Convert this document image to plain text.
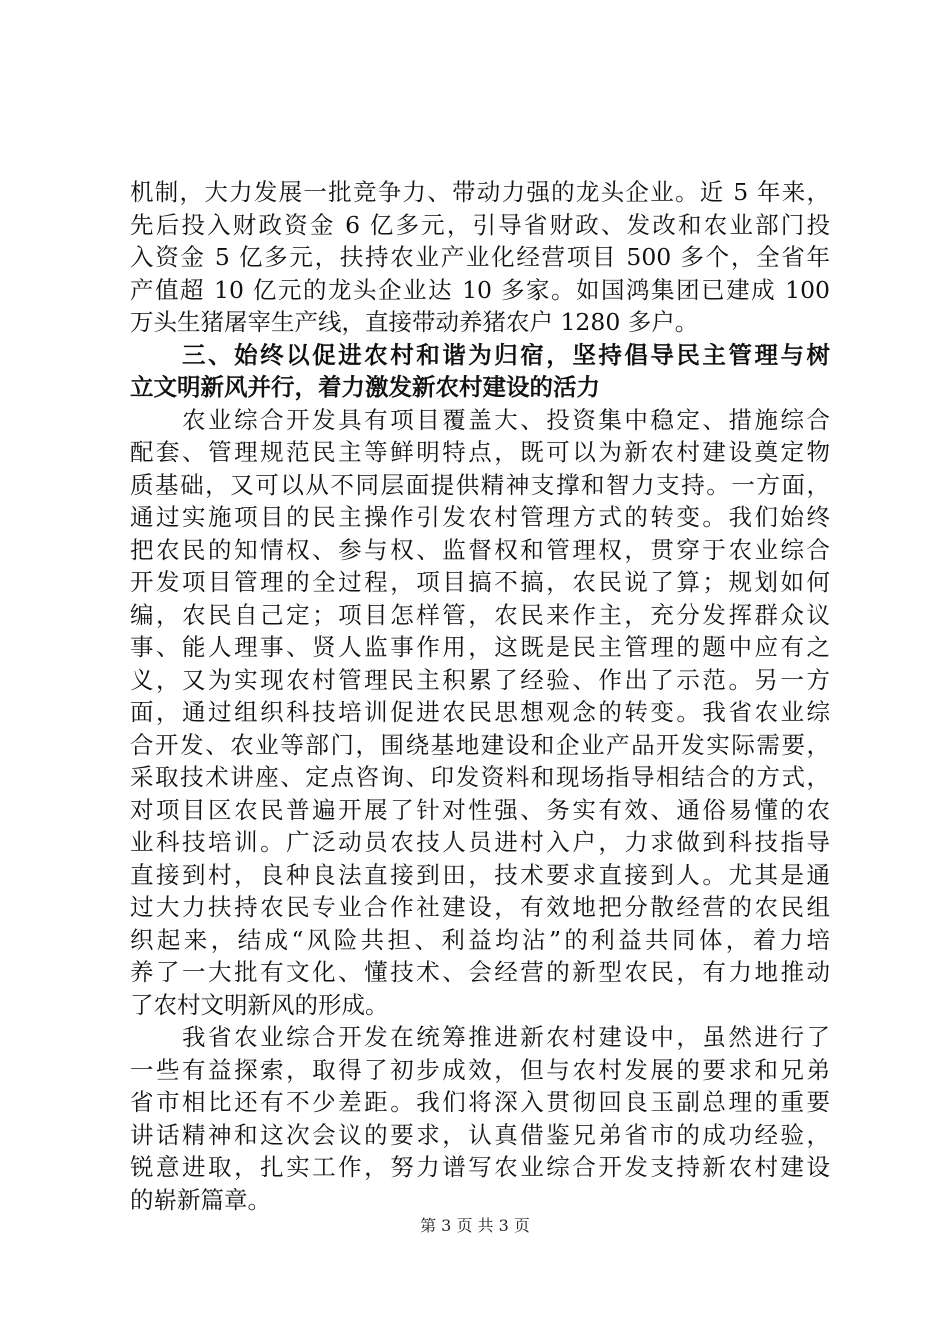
机制，大力发展一批竞争力、带动力强的龙头企业。近 5 年来，
先后投入财政资金 6 亿多元，引导省财政、发改和农业部门投
入资金 5 亿多元，扶持农业产业化经营项目 500 多个，全省年
产值超 10 亿元的龙头企业达 10 多家。如国鸿集团已建成 100
万头生猪屠宰生产线，直接带动养猪农户 1280 多户。
　　三、始终以促进农村和谐为归宿，坚持倡导民主管理与树
立文明新风并行，着力激发新农村建设的活力
　　农业综合开发具有项目覆盖大、投资集中稳定、措施综合
配套、管理规范民主等鲜明特点，既可以为新农村建设奠定物
质基础，又可以从不同层面提供精神支撑和智力支持。一方面，
通过实施项目的民主操作引发农村管理方式的转变。我们始终
把农民的知情权、参与权、监督权和管理权，贯穿于农业综合
开发项目管理的全过程，项目搞不搞，农民说了算；规划如何
编，农民自己定；项目怎样管，农民来作主，充分发挥群众议
事、能人理事、贤人监事作用，这既是民主管理的题中应有之
义，又为实现农村管理民主积累了经验、作出了示范。另一方
面，通过组织科技培训促进农民思想观念的转变。我省农业综
合开发、农业等部门，围绕基地建设和企业产品开发实际需要，
采取技术讲座、定点咨询、印发资料和现场指导相结合的方式，
对项目区农民普遍开展了针对性强、务实有效、通俗易懂的农
业科技培训。广泛动员农技人员进村入户，力求做到科技指导
直接到村，良种良法直接到田，技术要求直接到人。尤其是通
过大力扶持农民专业合作社建设，有效地把分散经营的农民组
织起来，结成“风险共担、利益均沾”的利益共同体，着力培
养了一大批有文化、懂技术、会经营的新型农民，有力地推动
了农村文明新风的形成。
　　我省农业综合开发在统筹推进新农村建设中，虽然进行了
一些有益探索，取得了初步成效，但与农村发展的要求和兄弟
省市相比还有不少差距。我们将深入贯彻回良玉副总理的重要
讲话精神和这次会议的要求，认真借鉴兄弟省市的成功经验，
锐意进取，扎实工作，努力谱写农业综合开发支持新农村建设
的崭新篇章。
第 3 页 共 3 页
